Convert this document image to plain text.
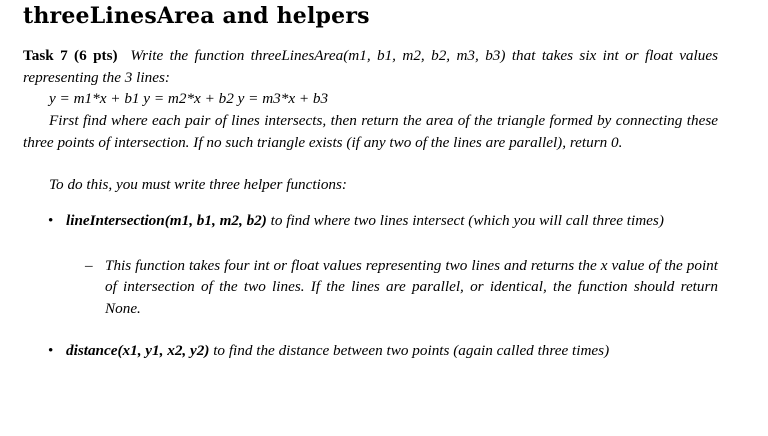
threeLinesArea and helpers
Task 7 (6 pts) Write the function threeLinesArea(m1, b1, m2, b2, m3, b3) that takes six int or float values representing the 3 lines:
y = m1*x + b1 y = m2*x + b2 y = m3*x + b3
First find where each pair of lines intersects, then return the area of the triangle formed by connecting these three points of intersection. If no such triangle exists (if any two of the lines are parallel), return 0.
To do this, you must write three helper functions:
• lineIntersection(m1, b1, m2, b2) to find where two lines intersect (which you will call three times)
– This function takes four int or float values representing two lines and returns the x value of the point of intersection of the two lines. If the lines are parallel, or identical, the function should return None.
• distance(x1, y1, x2, y2) to find the distance between two points (again called three times)
